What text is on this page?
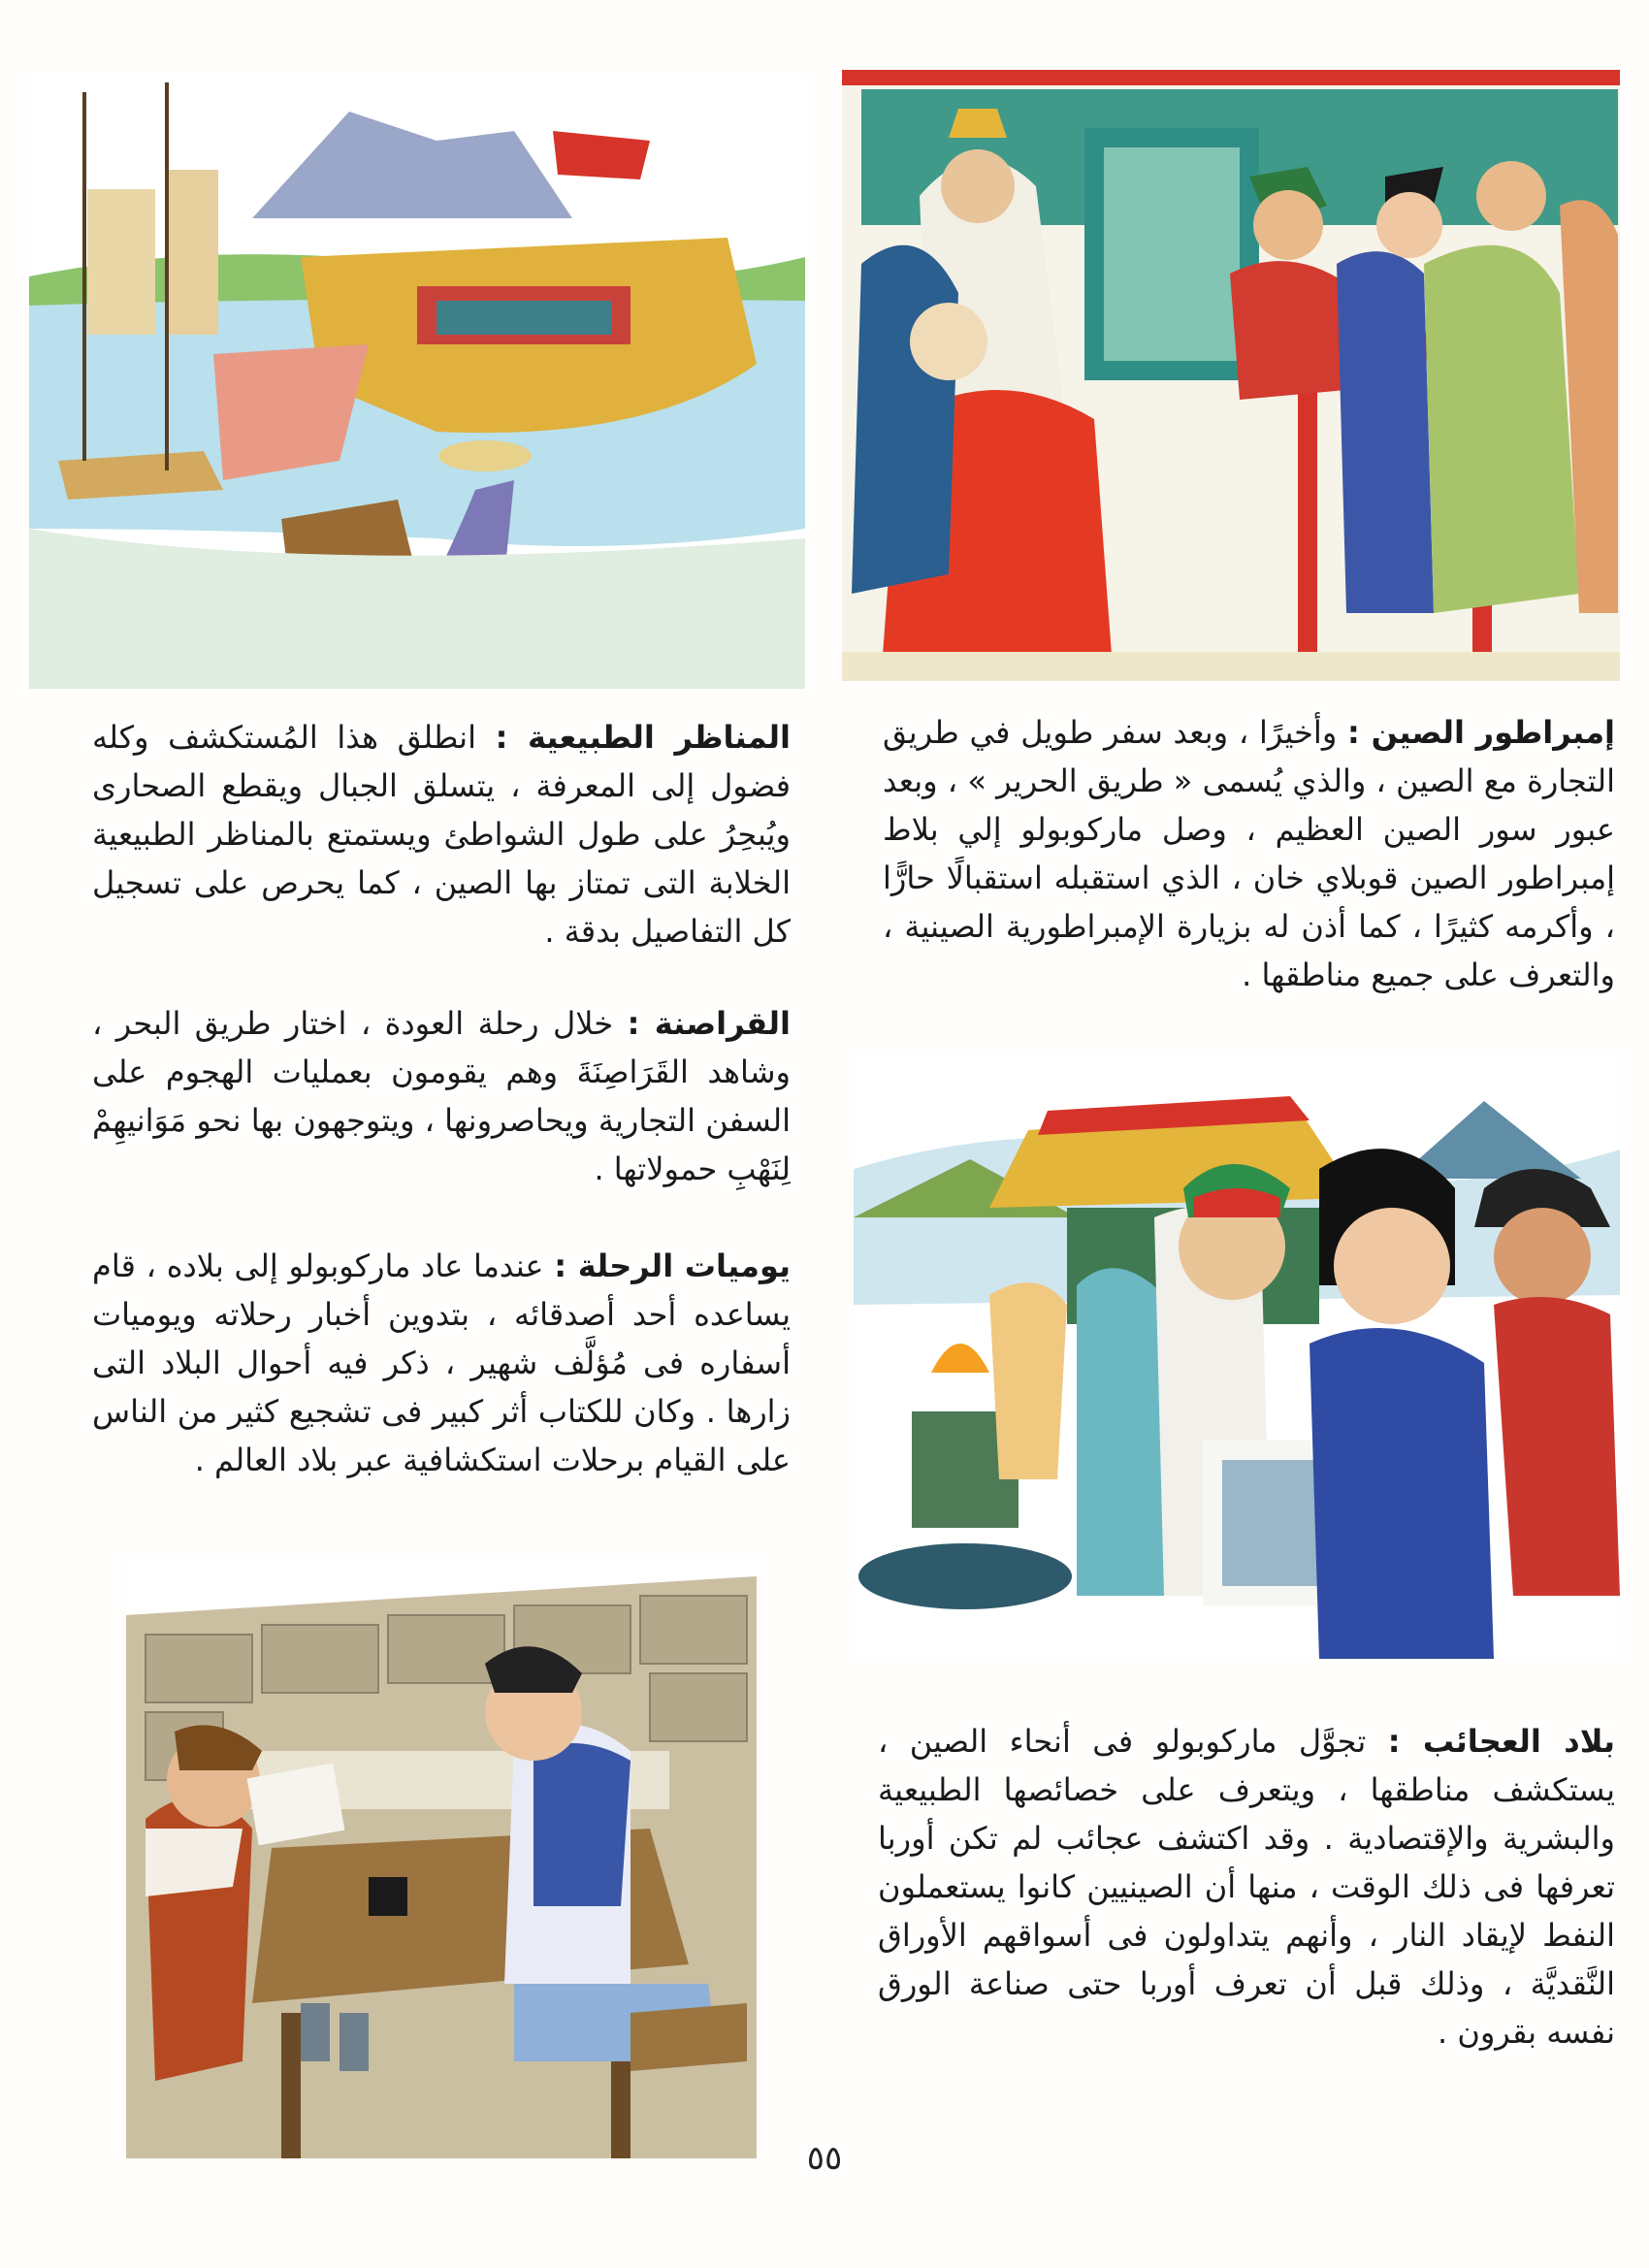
إمبراطور الصين : وأخيرًا ، وبعد سفر طويل في طريق التجارة مع الصين ، والذي يُسمى « طريق الحرير » ، وبعد عبور سور الصين العظيم ، وصل ماركوبولو إلي بلاط إمبراطور الصين قوبلاي خان ، الذي استقبله استقبالًا حارًّا ، وأكرمه كثيرًا ، كما أذن له بزيارة الإمبراطورية الصينية ، والتعرف على جميع مناطقها .
المناظر الطبيعية : انطلق هذا المُستكشف وكله فضول إلى المعرفة ، يتسلق الجبال ويقطع الصحارى ويُبحِرُ على طول الشواطئ ويستمتع بالمناظر الطبيعية الخلابة التى تمتاز بها الصين ، كما يحرص على تسجيل كل التفاصيل بدقة .
القراصنة : خلال رحلة العودة ، اختار طريق البحر ، وشاهد القَرَاصِنَةَ وهم يقومون بعمليات الهجوم على السفن التجارية ويحاصرونها ، ويتوجهون بها نحو مَوَانيهِمْ لِنَهْبِ حمولاتها .
يوميات الرحلة : عندما عاد ماركوبولو إلى بلاده ، قام يساعده أحد أصدقائه ، بتدوين أخبار رحلاته ويوميات أسفاره فى مُؤلَّف شهير ، ذكر فيه أحوال البلاد التى زارها . وكان للكتاب أثر كبير فى تشجيع كثير من الناس على القيام برحلات استكشافية عبر بلاد العالم .
بلاد العجائب : تجوَّل ماركوبولو فى أنحاء الصين ، يستكشف مناطقها ، ويتعرف على خصائصها الطبيعية والبشرية والإقتصادية . وقد اكتشف عجائب لم تكن أوربا تعرفها فى ذلك الوقت ، منها أن الصينيين كانوا يستعملون النفط لإيقاد النار ، وأنهم يتداولون فى أسواقهم الأوراق النَّقديَّة ، وذلك قبل أن تعرف أوربا حتى صناعة الورق نفسه بقرون .
٥٥
